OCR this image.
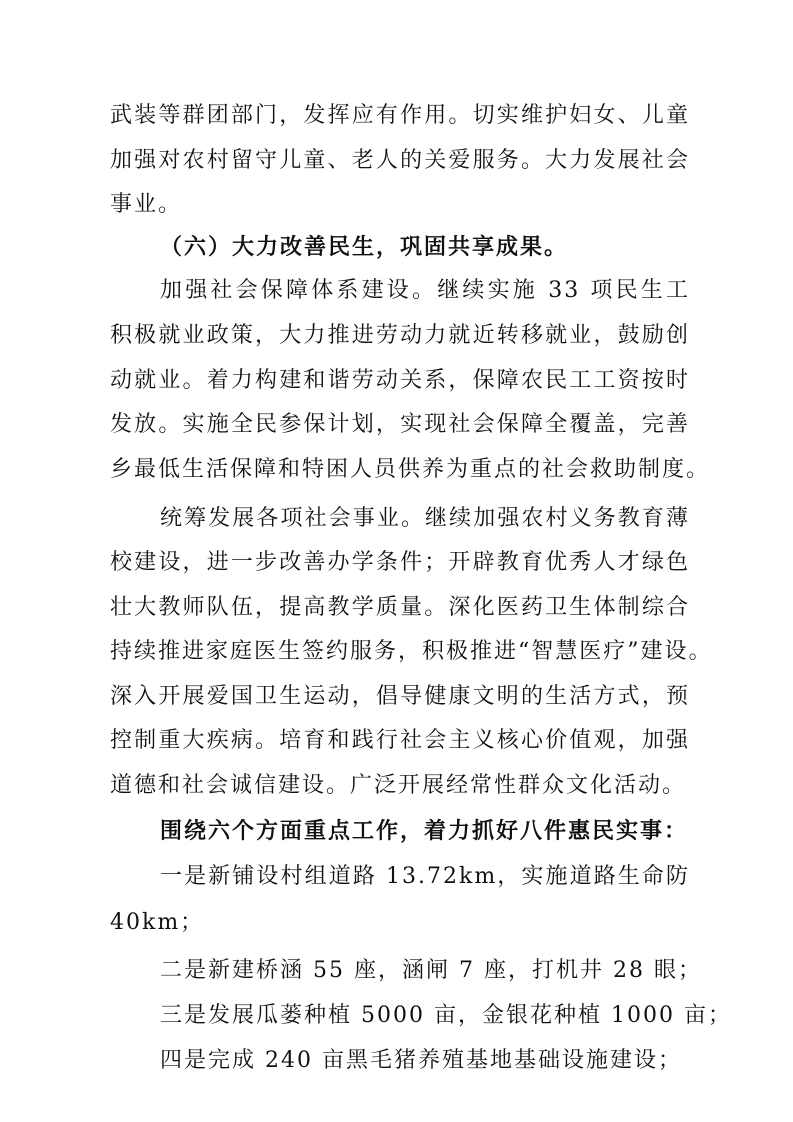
武装等群团部门，发挥应有作用。切实维护妇女、儿童
加强对农村留守儿童、老人的关爱服务。大力发展社会
事业。
（六）大力改善民生，巩固共享成果。
加强社会保障体系建设。继续实施 33 项民生工
积极就业政策，大力推进劳动力就近转移就业，鼓励创
动就业。着力构建和谐劳动关系，保障农民工工资按时
发放。实施全民参保计划，实现社会保障全覆盖，完善
乡最低生活保障和特困人员供养为重点的社会救助制度。
统筹发展各项社会事业。继续加强农村义务教育薄
校建设，进一步改善办学条件；开辟教育优秀人才绿色
壮大教师队伍，提高教学质量。深化医药卫生体制综合
持续推进家庭医生签约服务，积极推进“智慧医疗”建设。
深入开展爱国卫生运动，倡导健康文明的生活方式，预
控制重大疾病。培育和践行社会主义核心价值观，加强
道德和社会诚信建设。广泛开展经常性群众文化活动。
围绕六个方面重点工作，着力抓好八件惠民实事：
一是新铺设村组道路 13.72km，实施道路生命防
40km；
二是新建桥涵 55 座，涵闸 7 座，打机井 28 眼；
三是发展瓜蒌种植 5000 亩，金银花种植 1000 亩；
四是完成 240 亩黑毛猪养殖基地基础设施建设；
